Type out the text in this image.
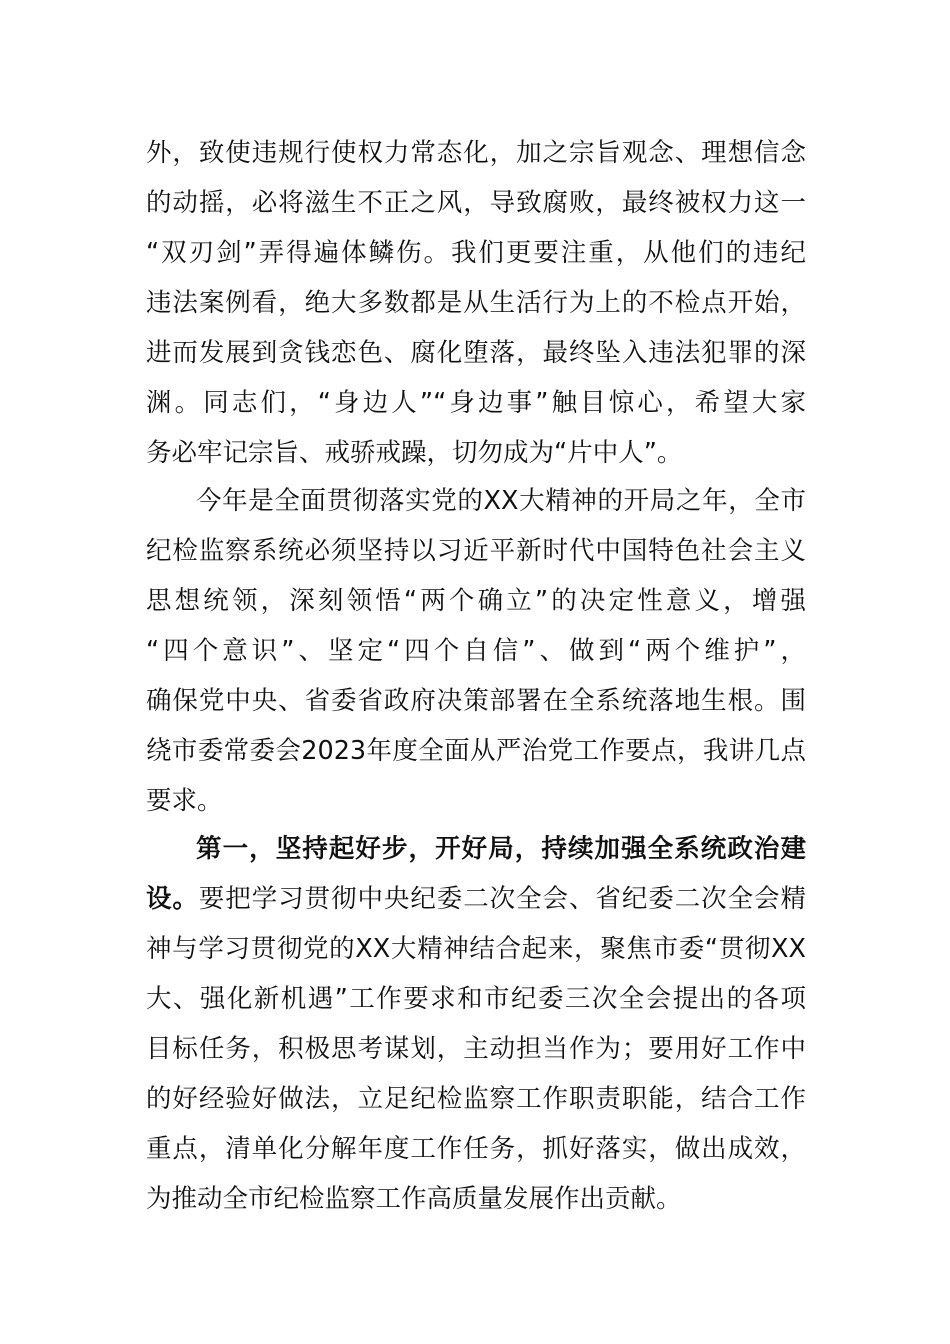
外，致使违规行使权力常态化，加之宗旨观念、理想信念
的动摇，必将滋生不正之风，导致腐败，最终被权力这一
“双刃剑”弄得遍体鳞伤。我们更要注重，从他们的违纪
违法案例看，绝大多数都是从生活行为上的不检点开始，
进而发展到贪钱恋色、腐化堕落，最终坠入违法犯罪的深
渊。同志们，“身边人”“身边事”触目惊心，希望大家
务必牢记宗旨、戒骄戒躁，切勿成为“片中人”。
今年是全面贯彻落实党的XX大精神的开局之年，全市
纪检监察系统必须坚持以习近平新时代中国特色社会主义
思想统领，深刻领悟“两个确立”的决定性意义，增强
“四个意识”、坚定“四个自信”、做到“两个维护”，
确保党中央、省委省政府决策部署在全系统落地生根。围
绕市委常委会2023年度全面从严治党工作要点，我讲几点
要求。
第一，坚持起好步，开好局，持续加强全系统政治建
设。要把学习贯彻中央纪委二次全会、省纪委二次全会精
神与学习贯彻党的XX大精神结合起来，聚焦市委“贯彻XX
大、强化新机遇”工作要求和市纪委三次全会提出的各项
目标任务，积极思考谋划，主动担当作为；要用好工作中
的好经验好做法，立足纪检监察工作职责职能，结合工作
重点，清单化分解年度工作任务，抓好落实，做出成效，
为推动全市纪检监察工作高质量发展作出贡献。
